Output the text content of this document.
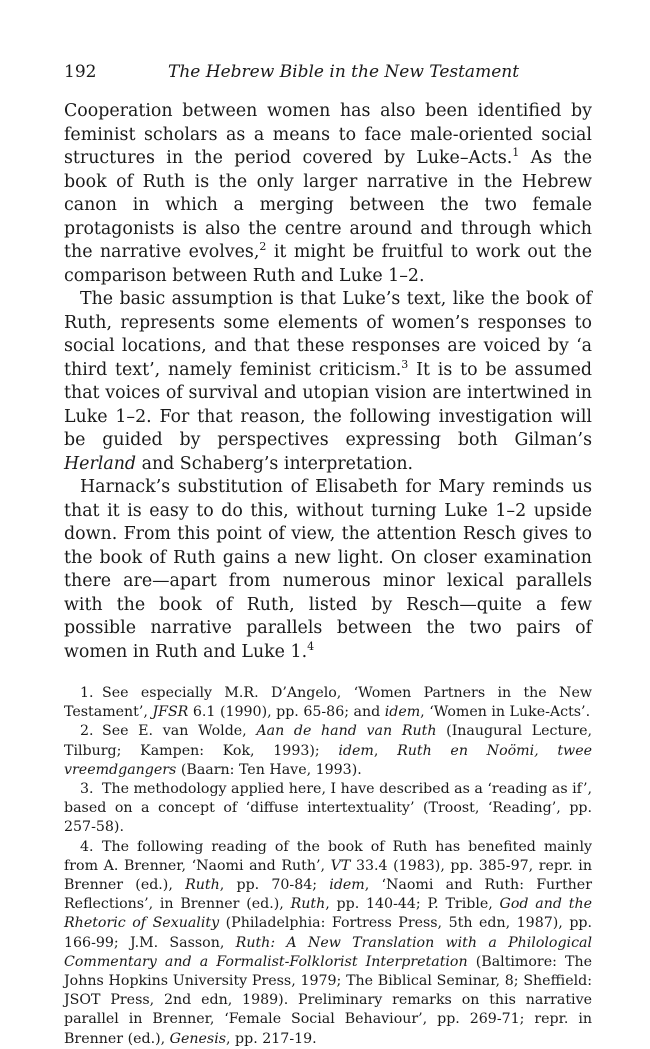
192	The Hebrew Bible in the New Testament

Cooperation between women has also been identified by feminist scholars as a means to face male-oriented social structures in the period covered by Luke–Acts.$^1$ As the book of Ruth is the only larger narrative in the Hebrew canon in which a merging between the two female protagonists is also the centre around and through which the narrative evolves,$^2$ it might be fruitful to work out the comparison between Ruth and Luke 1–2.

The basic assumption is that Luke’s text, like the book of Ruth, represents some elements of women’s responses to social locations, and that these responses are voiced by ‘a third text’, namely feminist criticism.$^3$ It is to be assumed that voices of survival and utopian vision are intertwined in Luke 1–2. For that reason, the following investigation will be guided by perspectives expressing both Gilman’s Herland and Schaberg’s interpretation.

Harnack’s substitution of Elisabeth for Mary reminds us that it is easy to do this, without turning Luke 1–2 upside down. From this point of view, the attention Resch gives to the book of Ruth gains a new light. On closer examination there are—apart from numerous minor lexical parallels with the book of Ruth, listed by Resch—quite a few possible narrative parallels between the two pairs of women in Ruth and Luke 1.$^4$

1. See especially M.R. D’Angelo, ‘Women Partners in the New Testament’, JFSR 6.1 (1990), pp. 65-86; and idem, ‘Women in Luke-Acts’.

2. See E. van Wolde, Aan de hand van Ruth (Inaugural Lecture, Tilburg; Kampen: Kok, 1993); idem, Ruth en Noömi, twee vreemdgangers (Baarn: Ten Have, 1993).

3. The methodology applied here, I have described as a ‘reading as if’, based on a concept of ‘diffuse intertextuality’ (Troost, ‘Reading’, pp. 257-58).

4. The following reading of the book of Ruth has benefited mainly from A. Brenner, ‘Naomi and Ruth’, VT 33.4 (1983), pp. 385-97, repr. in Brenner (ed.), Ruth, pp. 70-84; idem, ‘Naomi and Ruth: Further Reflections’, in Brenner (ed.), Ruth, pp. 140-44; P. Trible, God and the Rhetoric of Sexuality (Philadelphia: Fortress Press, 5th edn, 1987), pp. 166-99; J.M. Sasson, Ruth: A New Translation with a Philological Commentary and a Formalist-Folklorist Interpretation (Baltimore: The Johns Hopkins University Press, 1979; The Biblical Seminar, 8; Sheffield: JSOT Press, 2nd edn, 1989). Preliminary remarks on this narrative parallel in Brenner, ‘Female Social Behaviour’, pp. 269-71; repr. in Brenner (ed.), Genesis, pp. 217-19.
